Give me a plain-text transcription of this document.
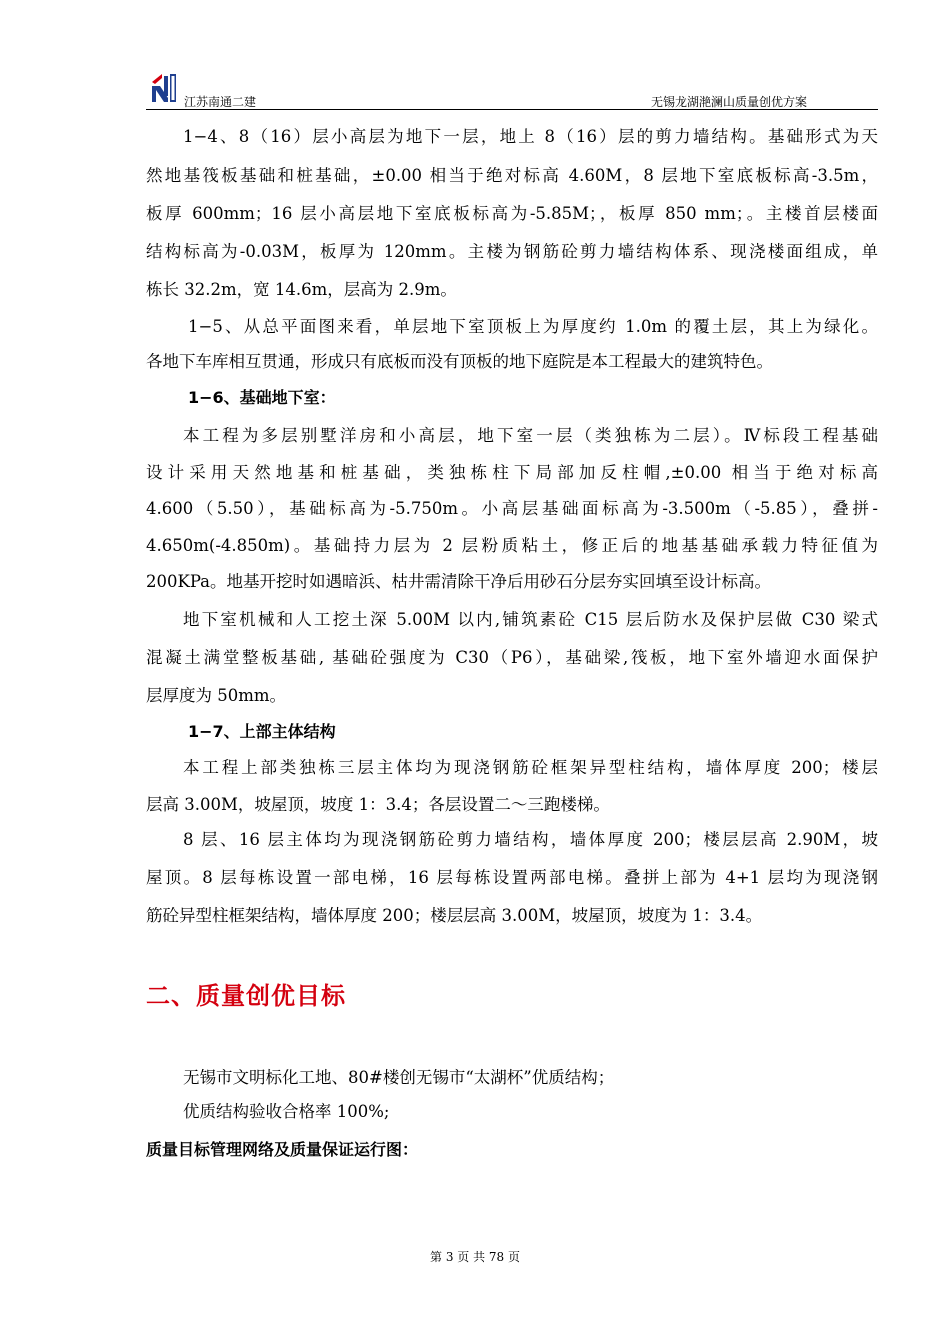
江苏南通二建	无锡龙湖滟澜山质量创优方案
1−4、8（16）层小高层为地下一层，地上 8（16）层的剪力墙结构。基础形式为天
然地基筏板基础和桩基础，±0.00 相当于绝对标高 4.60M，8 层地下室底板标高-3.5m，
板厚 600mm；16 层小高层地下室底板标高为-5.85M；，板厚 850 mm；。主楼首层楼面
结构标高为-0.03M，板厚为 120mm。主楼为钢筋砼剪力墙结构体系、现浇楼面组成，单
栋长 32.2m，宽 14.6m，层高为 2.9m。
1−5、从总平面图来看，单层地下室顶板上为厚度约 1.0m 的覆土层，其上为绿化。
各地下车库相互贯通，形成只有底板而没有顶板的地下庭院是本工程最大的建筑特色。
1−6、基础地下室：
本工程为多层别墅洋房和小高层，地下室一层（类独栋为二层）。Ⅳ标段工程基础
设计采用天然地基和桩基础，类独栋柱下局部加反柱帽,±0.00 相当于绝对标高
4.600（5.50），基础标高为-5.750m。小高层基础面标高为-3.500m（-5.85），叠拼-
4.650m(-4.850m)。基础持力层为 2 层粉质粘土，修正后的地基基础承载力特征值为
200KPa。地基开挖时如遇暗浜、枯井需清除干净后用砂石分层夯实回填至设计标高。
地下室机械和人工挖土深 5.00M 以内,铺筑素砼 C15 层后防水及保护层做 C30 梁式
混凝土满堂整板基础, 基础砼强度为 C30（P6），基础梁,筏板，地下室外墙迎水面保护
层厚度为 50mm。
1−7、上部主体结构
本工程上部类独栋三层主体均为现浇钢筋砼框架异型柱结构，墙体厚度 200；楼层
层高 3.00M，坡屋顶，坡度 1：3.4；各层设置二～三跑楼梯。
8 层、16 层主体均为现浇钢筋砼剪力墙结构，墙体厚度 200；楼层层高 2.90M，坡
屋顶。8 层每栋设置一部电梯，16 层每栋设置两部电梯。叠拼上部为 4+1 层均为现浇钢
筋砼异型柱框架结构，墙体厚度 200；楼层层高 3.00M，坡屋顶，坡度为 1：3.4。
二、质量创优目标
无锡市文明标化工地、80#楼创无锡市“太湖杯”优质结构；
优质结构验收合格率 100%;
质量目标管理网络及质量保证运行图：
第 3 页 共 78 页
